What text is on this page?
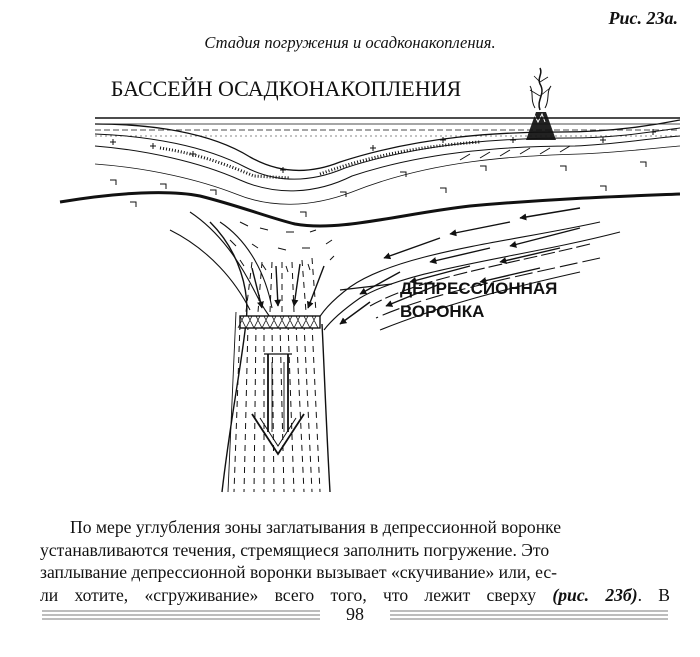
Рис. 23а.
Стадия погружения и осадконакопления.
БАССЕЙН ОСАДКОНАКОПЛЕНИЯ
ДЕПРЕССИОННАЯ
ВОРОНКА
По мере углубления зоны заглатывания в депрессионной воронке
устанавливаются течения, стремящиеся заполнить погружение. Это
заплывание депрессионной воронки вызывает «скучивание» или, ес-
ли хотите, «сгруживание» всего того, что лежит сверху (рис. 23б). В
98
